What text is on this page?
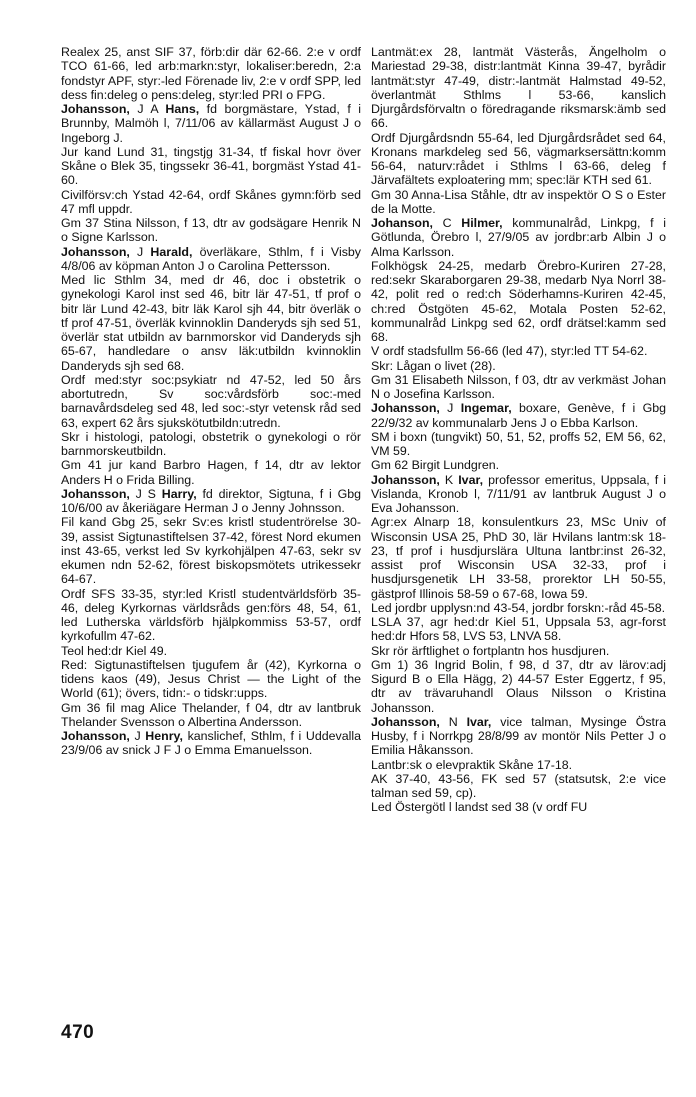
Realex 25, anst SIF 37, förb:dir där 62-66. 2:e v ordf TCO 61-66, led arb:markn:styr, lokaliser:beredn, 2:a fondstyr APF, styr:-led Förenade liv, 2:e v ordf SPP, led dess fin:deleg o pens:deleg, styr:led PRI o FPG.

Johansson, J A Hans, fd borgmästare, Ystad, f i Brunnby, Malmöh l, 7/11/06 av källarmäst August J o Ingeborg J.

Jur kand Lund 31, tingstjg 31-34, tf fiskal hovr över Skåne o Blek 35, tingssekr 36-41, borgmäst Ystad 41-60.

Civilförsv:ch Ystad 42-64, ordf Skånes gymn:förb sed 47 mfl uppdr.

Gm 37 Stina Nilsson, f 13, dtr av godsägare Henrik N o Signe Karlsson.

Johansson, J Harald, överläkare, Sthlm, f i Visby 4/8/06 av köpman Anton J o Carolina Pettersson.

Med lic Sthlm 34, med dr 46, doc i obstetrik o gynekologi Karol inst sed 46, bitr lär 47-51, tf prof o bitr lär Lund 42-43, bitr läk Karol sjh 44, bitr överläk o tf prof 47-51, överläk kvinnoklin Danderyds sjh sed 51, överlär stat utbildn av barnmorskor vid Danderyds sjh 65-67, handledare o ansv läk:utbildn kvinnoklin Danderyds sjh sed 68.

Ordf med:styr soc:psykiatr nd 47-52, led 50 års abortutredn, Sv soc:vårdsförb soc:-med barnavårdsdeleg sed 48, led soc:-styr vetensk råd sed 63, expert 62 års sjukskötutbildn:utredn.

Skr i histologi, patologi, obstetrik o gynekologi o rör barnmorskeutbildn.

Gm 41 jur kand Barbro Hagen, f 14, dtr av lektor Anders H o Frida Billing.

Johansson, J S Harry, fd direktor, Sigtuna, f i Gbg 10/6/00 av åkeriägare Herman J o Jenny Johnsson.

Fil kand Gbg 25, sekr Sv:es kristl studentrörelse 30-39, assist Sigtunastiftelsen 37-42, förest Nord ekumen inst 43-65, verkst led Sv kyrkohjälpen 47-63, sekr sv ekumen ndn 52-62, förest biskopsmötets utrikessekr 64-67.

Ordf SFS 33-35, styr:led Kristl studentvärldsförb 35-46, deleg Kyrkornas världsråds gen:förs 48, 54, 61, led Lutherska världsförb hjälpkommiss 53-57, ordf kyrkofullm 47-62.

Teol hed:dr Kiel 49.

Red: Sigtunastiftelsen tjugufem år (42), Kyrkorna o tidens kaos (49), Jesus Christ — the Light of the World (61); övers, tidn:- o tidskr:upps.

Gm 36 fil mag Alice Thelander, f 04, dtr av lantbruk Thelander Svensson o Albertina Andersson.

Johansson, J Henry, kanslichef, Sthlm, f i Uddevalla 23/9/06 av snick J F J o Emma Emanuelsson.

Lantmät:ex 28, lantmät Västerås, Ängelholm o Mariestad 29-38, distr:lantmät Kinna 39-47, byrådir lantmät:styr 47-49, distr:-lantmät Halmstad 49-52, överlantmät Sthlms l 53-66, kanslich Djurgårdsförvaltn o föredragande riksmarsk:ämb sed 66.

Ordf Djurgårdsndn 55-64, led Djurgårdsrådet sed 64, Kronans markdeleg sed 56, vägmarksersättn:komm 56-64, naturv:rådet i Sthlms l 63-66, deleg f Järvafältets exploatering mm; spec:lär KTH sed 61.

Gm 30 Anna-Lisa Ståhle, dtr av inspektör O S o Ester de la Motte.

Johanson, C Hilmer, kommunalråd, Linkpg, f i Götlunda, Örebro l, 27/9/05 av jordbr:arb Albin J o Alma Karlsson.

Folkhögsk 24-25, medarb Örebro-Kuriren 27-28, red:sekr Skaraborgaren 29-38, medarb Nya Norrl 38-42, polit red o red:ch Söderhamns-Kuriren 42-45, ch:red Östgöten 45-62, Motala Posten 52-62, kommunalråd Linkpg sed 62, ordf drätsel:kamm sed 68.

V ordf stadsfullm 56-66 (led 47), styr:led TT 54-62.

Skr: Lågan o livet (28).

Gm 31 Elisabeth Nilsson, f 03, dtr av verkmäst Johan N o Josefina Karlsson.

Johansson, J Ingemar, boxare, Genève, f i Gbg 22/9/32 av kommunalarb Jens J o Ebba Karlson.

SM i boxn (tungvikt) 50, 51, 52, proffs 52, EM 56, 62, VM 59.

Gm 62 Birgit Lundgren.

Johansson, K Ivar, professor emeritus, Uppsala, f i Vislanda, Kronob l, 7/11/91 av lantbruk August J o Eva Johansson.

Agr:ex Alnarp 18, konsulentkurs 23, MSc Univ of Wisconsin USA 25, PhD 30, lär Hvilans lantm:sk 18-23, tf prof i husdjurslära Ultuna lantbr:inst 26-32, assist prof Wisconsin USA 32-33, prof i husdjursgenetik LH 33-58, prorektor LH 50-55, gästprof Illinois 58-59 o 67-68, Iowa 59.

Led jordbr upplysn:nd 43-54, jordbr forskn:-råd 45-58.

LSLA 37, agr hed:dr Kiel 51, Uppsala 53, agr-forst hed:dr Hfors 58, LVS 53, LNVA 58.

Skr rör ärftlighet o fortplantn hos husdjuren.

Gm 1) 36 Ingrid Bolin, f 98, d 37, dtr av lärov:adj Sigurd B o Ella Hägg, 2) 44-57 Ester Eggertz, f 95, dtr av trävaruhandl Olaus Nilsson o Kristina Johansson.

Johansson, N Ivar, vice talman, Mysinge Östra Husby, f i Norrkpg 28/8/99 av montör Nils Petter J o Emilia Håkansson.

Lantbr:sk o elevpraktik Skåne 17-18.

AK 37-40, 43-56, FK sed 57 (statsutsk, 2:e vice talman sed 59, cp).

Led Östergötl l landst sed 38 (v ordf FU

470
